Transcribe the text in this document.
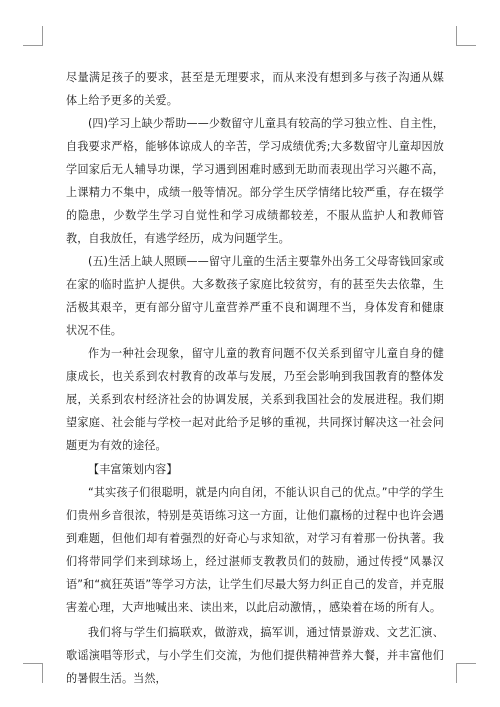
尽量满足孩子的要求，甚至是无理要求，而从来没有想到多与孩子沟通从媒体上给予更多的关爱。

(四)学习上缺少帮助——少数留守儿童具有较高的学习独立性、自主性，自我要求严格，能够体谅成人的辛苦，学习成绩优秀;大多数留守儿童却因放学回家后无人辅导功课，学习遇到困难时感到无助而表现出学习兴趣不高，上课精力不集中，成绩一般等情况。部分学生厌学情绪比较严重，存在辍学的隐患，少数学生学习自觉性和学习成绩都较差，不服从监护人和教师管教，自我放任，有逃学经历，成为问题学生。

(五)生活上缺人照顾——留守儿童的生活主要靠外出务工父母寄钱回家或在家的临时监护人提供。大多数孩子家庭比较贫穷，有的甚至失去依靠，生活极其艰辛，更有部分留守儿童营养严重不良和调理不当，身体发育和健康状况不佳。

作为一种社会现象，留守儿童的教育问题不仅关系到留守儿童自身的健康成长，也关系到农村教育的改革与发展，乃至会影响到我国教育的整体发展，关系到农村经济社会的协调发展，关系到我国社会的发展进程。我们期望家庭、社会能与学校一起对此给予足够的重视，共同探讨解决这一社会问题更为有效的途径。

【丰富策划内容】

“其实孩子们很聪明，就是内向自闭，不能认识自己的优点。”中学的学生们贵州乡音很浓，特别是英语练习这一方面，让他们羸杨的过程中也许会遇到难题，但他们却有着强烈的好奇心与求知欲，对学习有着那一份执著。我们将带同学们来到球场上，经过湛师支教教员们的鼓励，通过传授“风暴汉语”和“疯狂英语”等学习方法，让学生们尽最大努力纠正自己的发音，并克服害羞心理，大声地喊出来、读出来，以此启动激情，，感染着在场的所有人。

我们将与学生们搞联欢，做游戏，搞军训，通过情景游戏、文艺汇演、歌谣演唱等形式，与小学生们交流，为他们提供精神营养大餐，并丰富他们的暑假生活。当然，
